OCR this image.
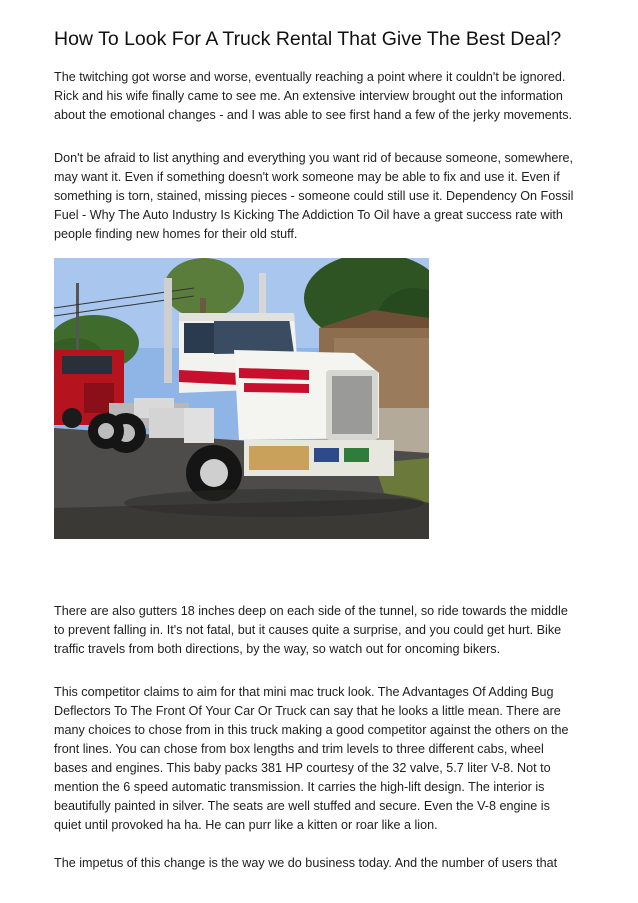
How To Look For A Truck Rental That Give The Best Deal?

The twitching got worse and worse, eventually reaching a point where it couldn't be ignored.
Rick and his wife finally came to see me. An extensive interview brought out the information
about the emotional changes - and I was able to see first hand a few of the jerky movements.

Don't be afraid to list anything and everything you want rid of because someone, somewhere,
may want it. Even if something doesn't work someone may be able to fix and use it. Even if
something is torn, stained, missing pieces - someone could still use it. Dependency On Fossil
Fuel - Why The Auto Industry Is Kicking The Addiction To Oil have a great success rate with
people finding new homes for their old stuff.

There are also gutters 18 inches deep on each side of the tunnel, so ride towards the middle
to prevent falling in. It's not fatal, but it causes quite a surprise, and you could get hurt. Bike
traffic travels from both directions, by the way, so watch out for oncoming bikers.

This competitor claims to aim for that mini mac truck look. The Advantages Of Adding Bug
Deflectors To The Front Of Your Car Or Truck can say that he looks a little mean. There are
many choices to chose from in this truck making a good competitor against the others on the
front lines. You can chose from box lengths and trim levels to three different cabs, wheel
bases and engines. This baby packs 381 HP courtesy of the 32 valve, 5.7 liter V-8. Not to
mention the 6 speed automatic transmission. It carries the high-lift design. The interior is
beautifully painted in silver. The seats are well stuffed and secure. Even the V-8 engine is
quiet until provoked ha ha. He can purr like a kitten or roar like a lion.

The impetus of this change is the way we do business today. And the number of users that
